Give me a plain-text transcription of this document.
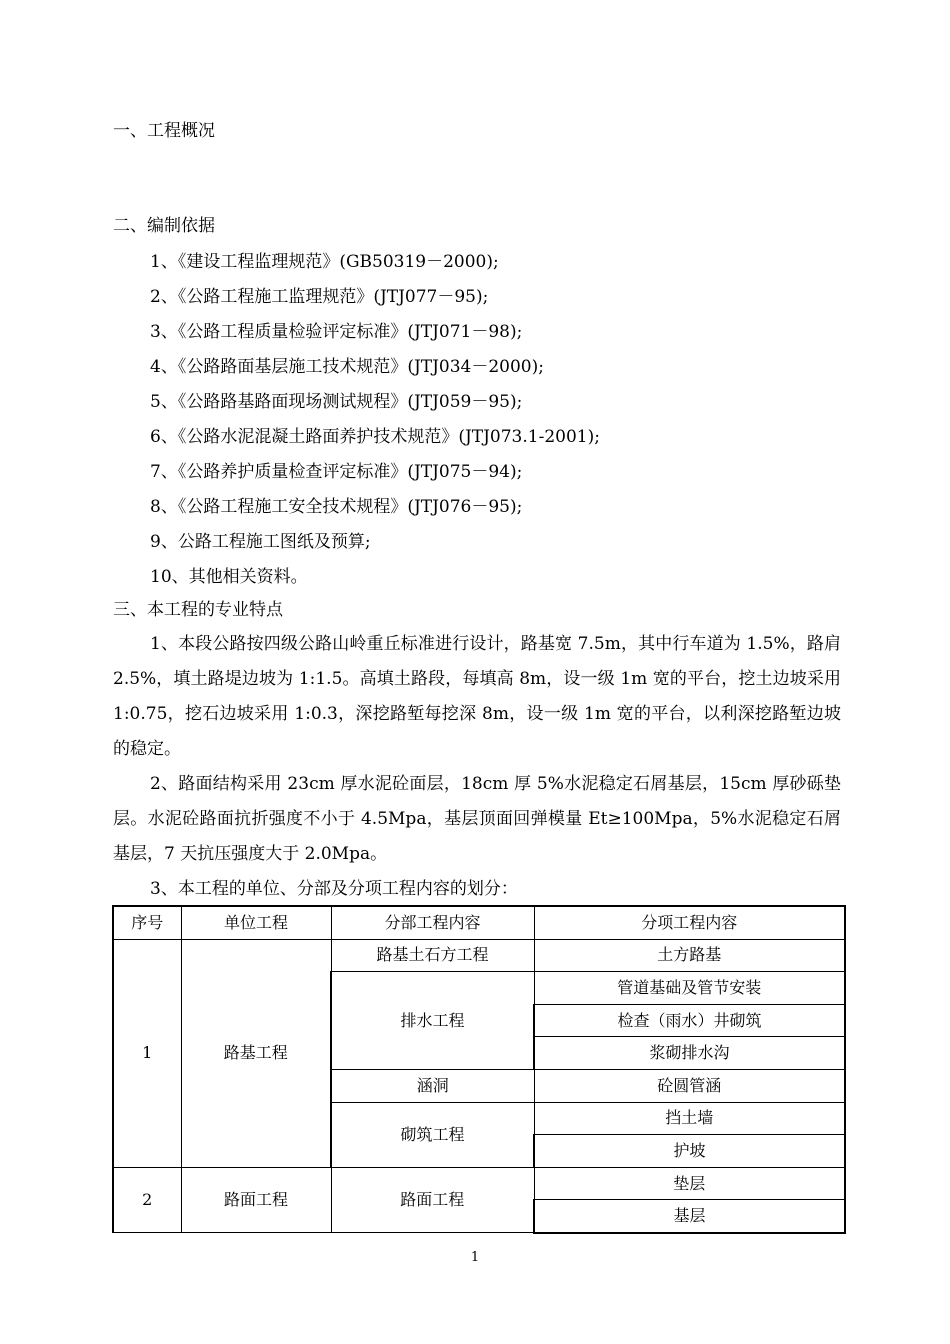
一、工程概况
二、编制依据
1、《建设工程监理规范》(GB50319－2000);
2、《公路工程施工监理规范》(JTJ077－95);
3、《公路工程质量检验评定标准》(JTJ071－98);
4、《公路路面基层施工技术规范》(JTJ034－2000);
5、《公路路基路面现场测试规程》(JTJ059－95);
6、《公路水泥混凝土路面养护技术规范》(JTJ073.1-2001);
7、《公路养护质量检查评定标准》(JTJ075－94);
8、《公路工程施工安全技术规程》(JTJ076－95);
9、公路工程施工图纸及预算;
10、其他相关资料。
三、本工程的专业特点
1、本段公路按四级公路山岭重丘标准进行设计，路基宽 7.5m，其中行车道为 1.5%，路肩 2.5%，填土路堤边坡为 1:1.5。高填土路段，每填高 8m，设一级 1m 宽的平台，挖土边坡采用 1:0.75，挖石边坡采用 1:0.3，深挖路堑每挖深 8m，设一级 1m 宽的平台，以利深挖路堑边坡的稳定。
2、路面结构采用 23cm 厚水泥砼面层，18cm 厚 5%水泥稳定石屑基层，15cm 厚砂砾垫层。水泥砼路面抗折强度不小于 4.5Mpa，基层顶面回弹模量 Et≥100Mpa，5%水泥稳定石屑基层，7 天抗压强度大于 2.0Mpa。
3、本工程的单位、分部及分项工程内容的划分：
序号	单位工程	分部工程内容	分项工程内容
1	路基工程	路基土石方工程	土方路基
		排水工程	管道基础及管节安装
			检查（雨水）井砌筑
			浆砌排水沟
		涵洞	砼圆管涵
		砌筑工程	挡土墙
			护坡
2	路面工程	路面工程	垫层
			基层
1
